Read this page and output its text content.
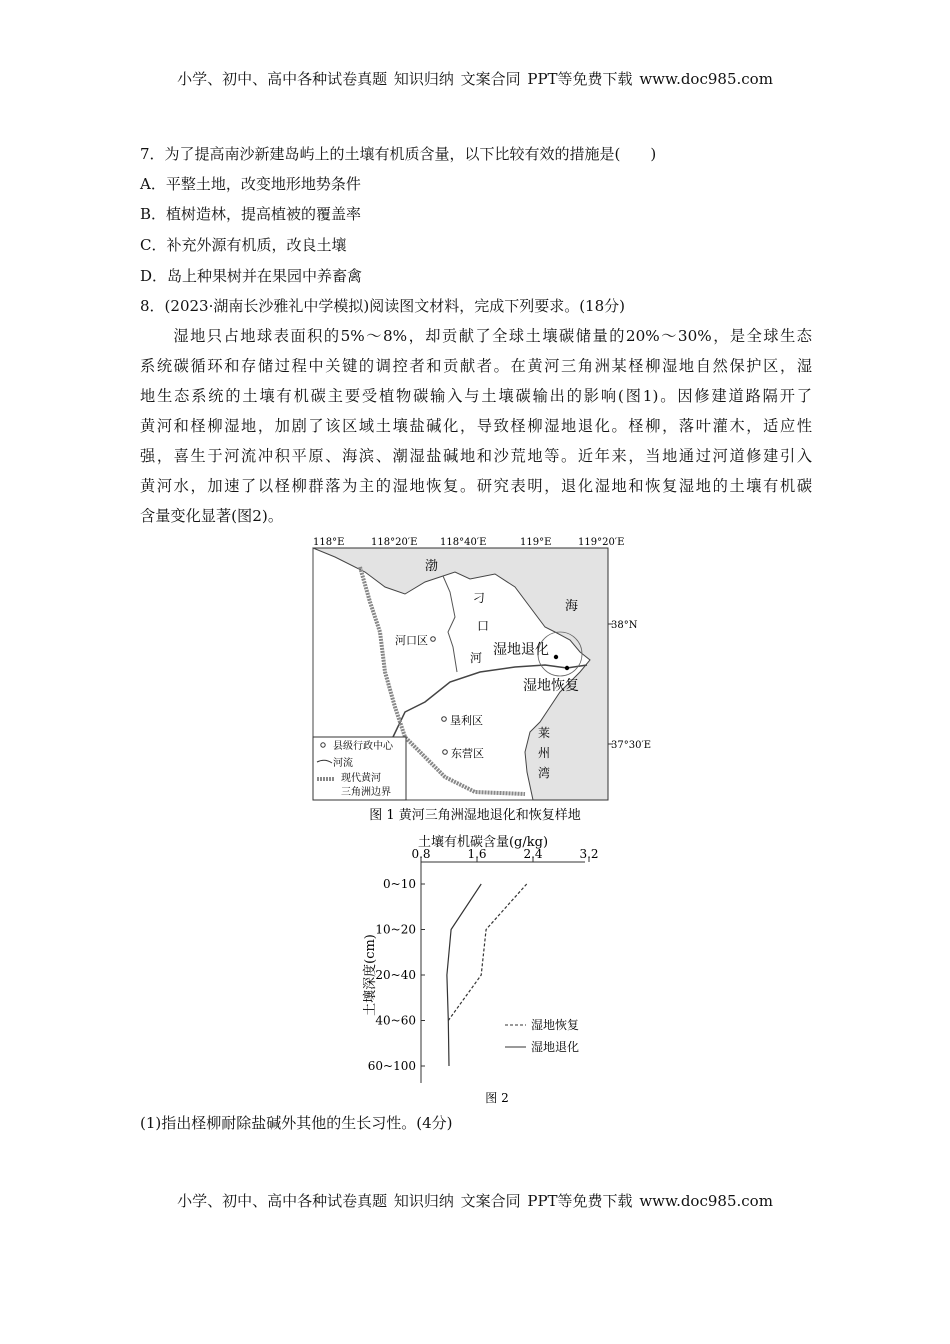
小学、初中、高中各种试卷真题 知识归纳 文案合同 PPT等免费下载 www.doc985.com
7．为了提高南沙新建岛屿上的土壤有机质含量，以下比较有效的措施是(　　)
A．平整土地，改变地形地势条件
B．植树造林，提高植被的覆盖率
C．补充外源有机质，改良土壤
D．岛上种果树并在果园中养畜禽
8．(2023·湖南长沙雅礼中学模拟)阅读图文材料，完成下列要求。(18分)
　　湿地只占地球表面积的5%～8%，却贡献了全球土壤碳储量的20%～30%，是全球生态
系统碳循环和存储过程中关键的调控者和贡献者。在黄河三角洲某柽柳湿地自然保护区，湿
地生态系统的土壤有机碳主要受植物碳输入与土壤碳输出的影响(图1)。因修建道路隔开了
黄河和柽柳湿地，加剧了该区域土壤盐碱化，导致柽柳湿地退化。柽柳，落叶灌木，适应性
强，喜生于河流冲积平原、海滨、潮湿盐碱地和沙荒地等。近年来，当地通过河道修建引入
黄河水，加速了以柽柳群落为主的湿地恢复。研究表明，退化湿地和恢复湿地的土壤有机碳
含量变化显著(图2)。
118°E	118°20′E 118°40′E	119°E	119°20′E
38°N
37°30′E
渤
海
莱
州
湾
刁
口
河
河口区
垦利区
东营区
湿地退化
湿地恢复
县级行政中心
河流
现代黄河
三角洲边界
图 1 黄河三角洲湿地退化和恢复样地
土壤有机碳含量(g/kg)
土壤深度(cm)
0.8	1.6	2.4	3.2
0~10
10~20
20~40
40~60
60~100
湿地恢复
湿地退化
图 2
(1)指出柽柳耐除盐碱外其他的生长习性。(4分)
小学、初中、高中各种试卷真题 知识归纳 文案合同 PPT等免费下载 www.doc985.com
